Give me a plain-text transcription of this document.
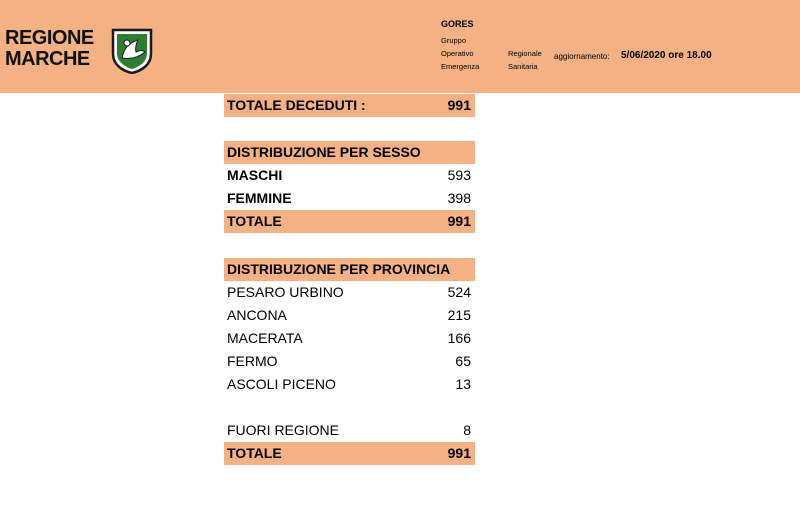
REGIONE
MARCHE
GORES
Gruppo
Operativo
Emergenza
Regionale
Sanitaria
aggiornamento: 5/06/2020 ore 18.00
TOTALE DECEDUTI :	991
DISTRIBUZIONE PER SESSO
MASCHI	593
FEMMINE	398
TOTALE	991
DISTRIBUZIONE PER PROVINCIA
PESARO URBINO	524
ANCONA	215
MACERATA	166
FERMO	65
ASCOLI PICENO	13
FUORI REGIONE	8
TOTALE	991
